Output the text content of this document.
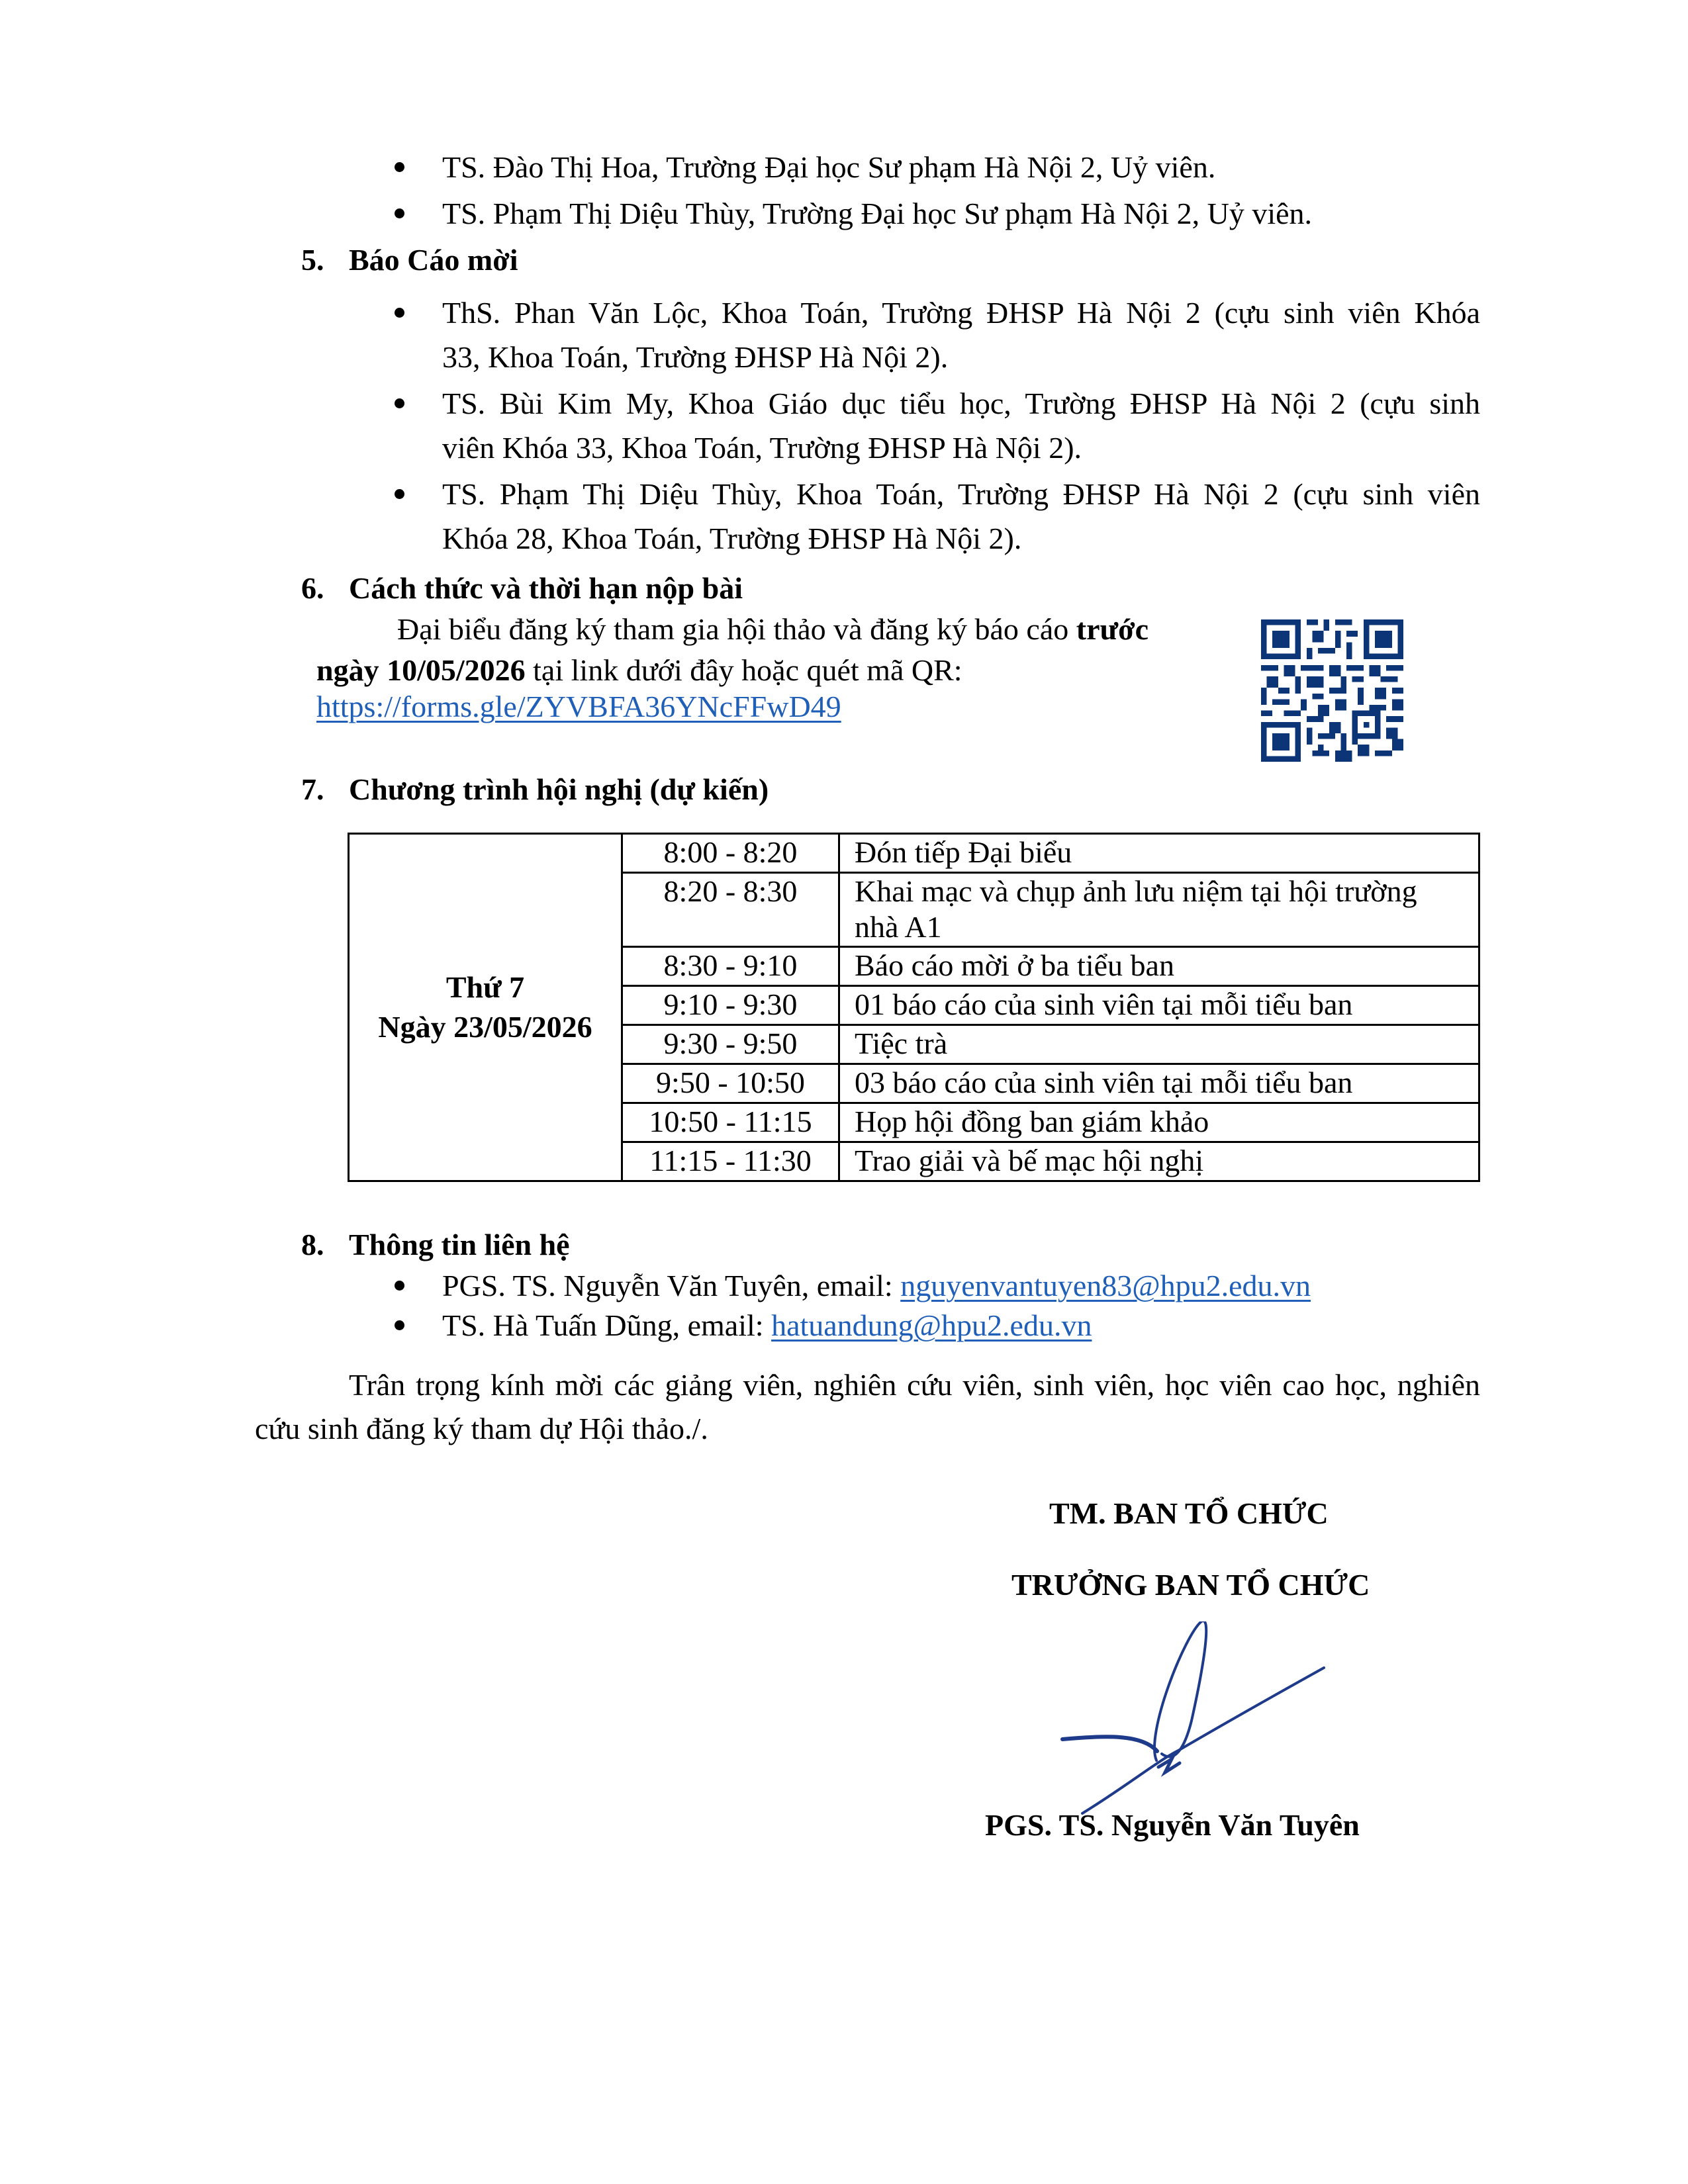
TS. Đào Thị Hoa, Trường Đại học Sư phạm Hà Nội 2, Uỷ viên.
TS. Phạm Thị Diệu Thùy, Trường Đại học Sư phạm Hà Nội 2, Uỷ viên.
5. Báo Cáo mời
ThS. Phan Văn Lộc, Khoa Toán, Trường ĐHSP Hà Nội 2 (cựu sinh viên Khóa
33, Khoa Toán, Trường ĐHSP Hà Nội 2).
TS. Bùi Kim My, Khoa Giáo dục tiểu học, Trường ĐHSP Hà Nội 2 (cựu sinh
viên Khóa 33, Khoa Toán, Trường ĐHSP Hà Nội 2).
TS. Phạm Thị Diệu Thùy, Khoa Toán, Trường ĐHSP Hà Nội 2 (cựu sinh viên
Khóa 28, Khoa Toán, Trường ĐHSP Hà Nội 2).
6. Cách thức và thời hạn nộp bài
Đại biểu đăng ký tham gia hội thảo và đăng ký báo cáo trước
ngày 10/05/2026 tại link dưới đây hoặc quét mã QR:
https://forms.gle/ZYVBFA36YNcFFwD49
7. Chương trình hội nghị (dự kiến)
Thứ 7
Ngày 23/05/2026	8:00 - 8:20	Đón tiếp Đại biểu
	8:20 - 8:30	Khai mạc và chụp ảnh lưu niệm tại hội trường nhà A1
	8:30 - 9:10	Báo cáo mời ở ba tiểu ban
	9:10 - 9:30	01 báo cáo của sinh viên tại mỗi tiểu ban
	9:30 - 9:50	Tiệc trà
	9:50 - 10:50	03 báo cáo của sinh viên tại mỗi tiểu ban
	10:50 - 11:15	Họp hội đồng ban giám khảo
	11:15 - 11:30	Trao giải và bế mạc hội nghị
8. Thông tin liên hệ
PGS. TS. Nguyễn Văn Tuyên, email: nguyenvantuyen83@hpu2.edu.vn
TS. Hà Tuấn Dũng, email: hatuandung@hpu2.edu.vn
Trân trọng kính mời các giảng viên, nghiên cứu viên, sinh viên, học viên cao học, nghiên
cứu sinh đăng ký tham dự Hội thảo./.
TM. BAN TỔ CHỨC
TRƯỞNG BAN TỔ CHỨC
PGS. TS. Nguyễn Văn Tuyên
